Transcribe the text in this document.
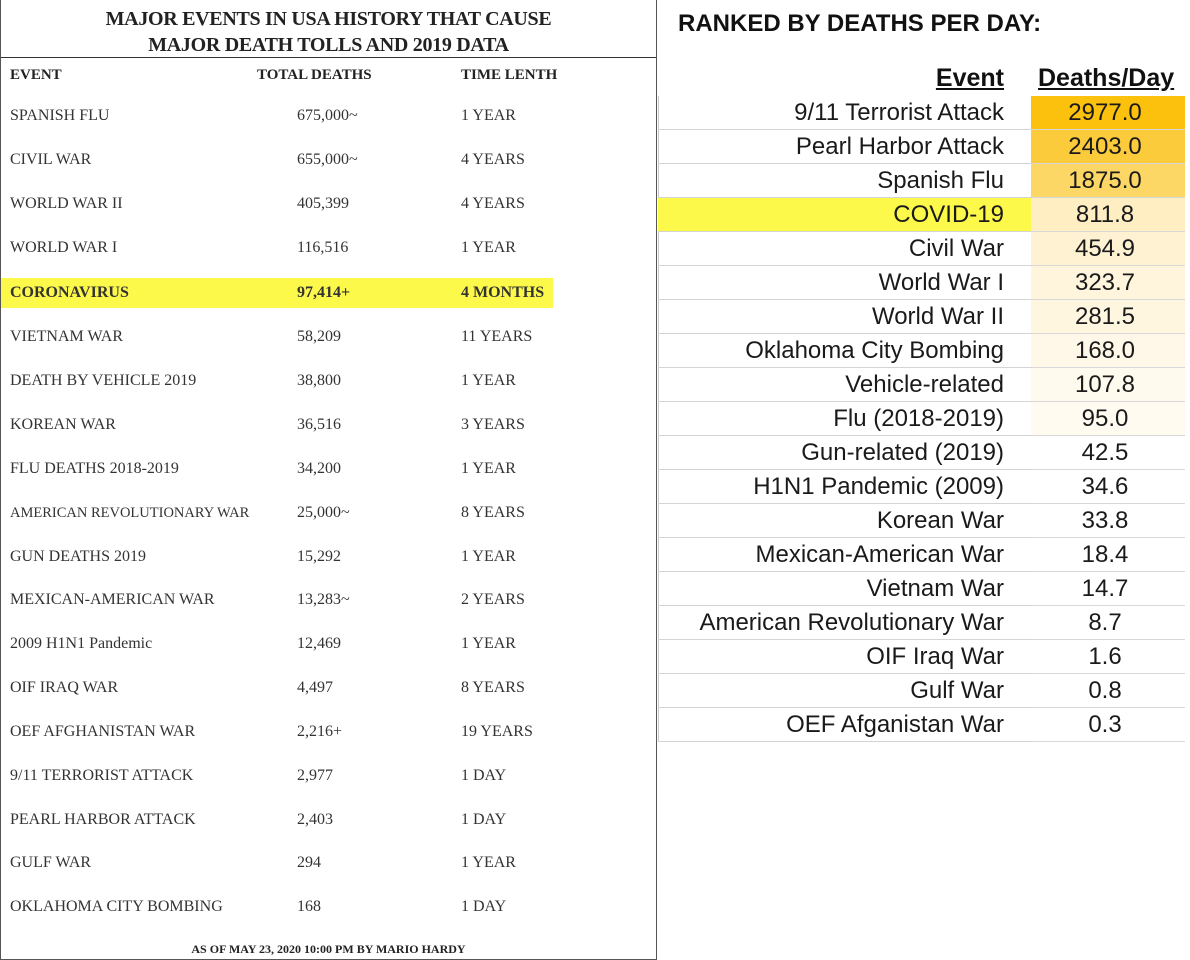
MAJOR EVENTS IN USA HISTORY THAT CAUSE
MAJOR DEATH TOLLS AND 2019 DATA
EVENT	TOTAL DEATHS	TIME LENTH
SPANISH FLU	675,000~	1 YEAR
CIVIL WAR	655,000~	4 YEARS
WORLD WAR II	405,399	4 YEARS
WORLD WAR I	116,516	1 YEAR
CORONAVIRUS	97,414+	4 MONTHS
VIETNAM WAR	58,209	11 YEARS
DEATH BY VEHICLE 2019	38,800	1 YEAR
KOREAN WAR	36,516	3 YEARS
FLU DEATHS 2018-2019	34,200	1 YEAR
AMERICAN REVOLUTIONARY WAR	25,000~	8 YEARS
GUN DEATHS 2019	15,292	1 YEAR
MEXICAN-AMERICAN WAR	13,283~	2 YEARS
2009 H1N1 Pandemic	12,469	1 YEAR
OIF IRAQ WAR	4,497	8 YEARS
OEF AFGHANISTAN WAR	2,216+	19 YEARS
9/11 TERRORIST ATTACK	2,977	1 DAY
PEARL HARBOR ATTACK	2,403	1 DAY
GULF WAR	294	1 YEAR
OKLAHOMA CITY BOMBING	168	1 DAY
AS OF MAY 23, 2020 10:00 PM BY MARIO HARDY
RANKED BY DEATHS PER DAY:
Event Deaths/Day
9/11 Terrorist Attack	2977.0
Pearl Harbor Attack	2403.0
Spanish Flu	1875.0
COVID-19	811.8
Civil War	454.9
World War I	323.7
World War II	281.5
Oklahoma City Bombing	168.0
Vehicle-related	107.8
Flu (2018-2019)	95.0
Gun-related (2019)	42.5
H1N1 Pandemic (2009)	34.6
Korean War	33.8
Mexican-American War	18.4
Vietnam War	14.7
American Revolutionary War	8.7
OIF Iraq War	1.6
Gulf War	0.8
OEF Afganistan War	0.3
